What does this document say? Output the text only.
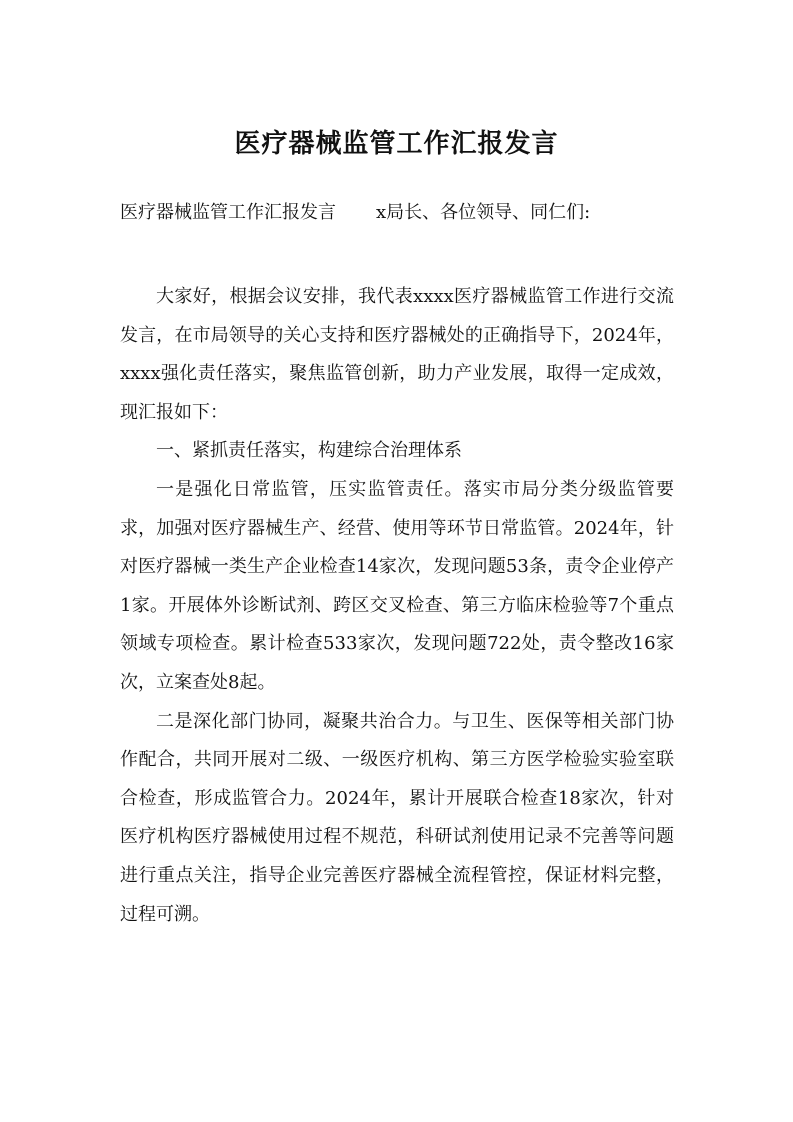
医疗器械监管工作汇报发言
医疗器械监管工作汇报发言 x局长、各位领导、同仁们:

大家好，根据会议安排，我代表xxxx医疗器械监管工作进行交流发言，在市局领导的关心支持和医疗器械处的正确指导下，2024年，xxxx强化责任落实，聚焦监管创新，助力产业发展，取得一定成效，现汇报如下：

一、紧抓责任落实，构建综合治理体系

一是强化日常监管，压实监管责任。落实市局分类分级监管要求，加强对医疗器械生产、经营、使用等环节日常监管。2024年，针对医疗器械一类生产企业检查14家次，发现问题53条，责令企业停产1家。开展体外诊断试剂、跨区交叉检查、第三方临床检验等7个重点领域专项检查。累计检查533家次，发现问题722处，责令整改16家次，立案查处8起。

二是深化部门协同，凝聚共治合力。与卫生、医保等相关部门协作配合，共同开展对二级、一级医疗机构、第三方医学检验实验室联合检查，形成监管合力。2024年，累计开展联合检查18家次，针对医疗机构医疗器械使用过程不规范，科研试剂使用记录不完善等问题进行重点关注，指导企业完善医疗器械全流程管控，保证材料完整，过程可溯。
